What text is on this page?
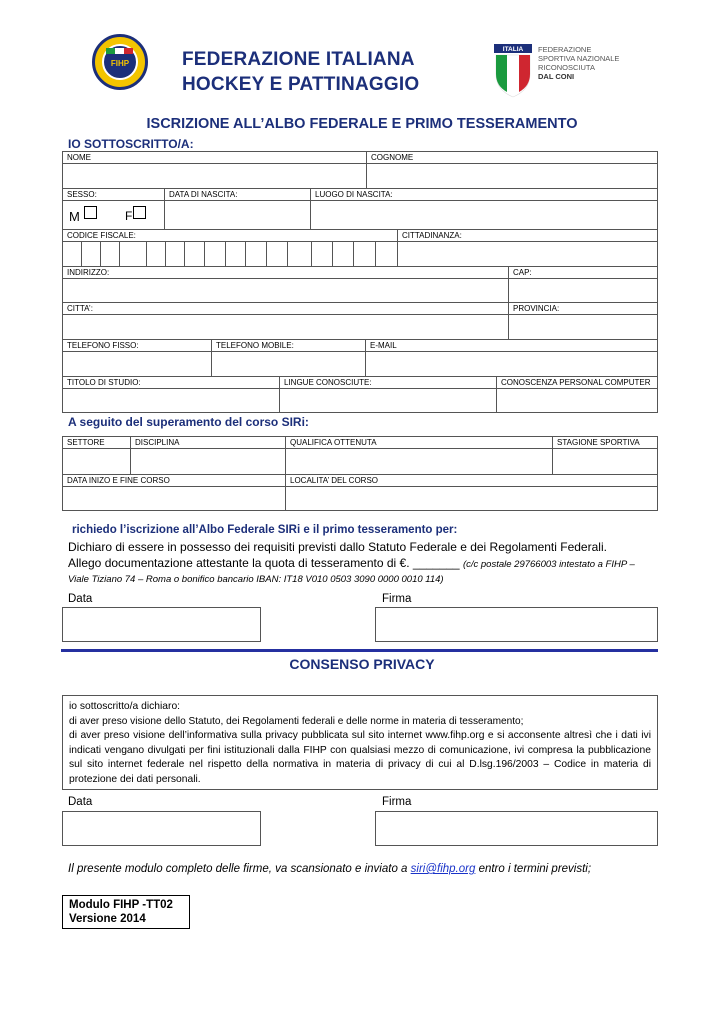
FIHP	FEDERAZIONE ITALIANA
HOCKEY E PATTINAGGIO
ITALIA	FEDERAZIONE
SPORTIVA NAZIONALE
RICONOSCIUTA
DAL CONI
ISCRIZIONE ALL’ALBO FEDERALE E PRIMO TESSERAMENTO
IO SOTTOSCRITTO/A:
NOME	COGNOME
SESSO:	DATA DI NASCITA:	LUOGO DI NASCITA:
M	F
CODICE FISCALE:	CITTADINANZA:
INDIRIZZO:	CAP:
CITTA’:	PROVINCIA:
TELEFONO FISSO:	TELEFONO MOBILE:	E-MAIL
TITOLO DI STUDIO:	LINGUE CONOSCIUTE:	CONOSCENZA PERSONAL COMPUTER
A seguito del superamento del corso SIRi:
SETTORE	DISCIPLINA	QUALIFICA OTTENUTA	STAGIONE SPORTIVA
DATA INIZO E FINE CORSO	LOCALITA’ DEL CORSO
richiedo l’iscrizione all’Albo Federale SIRi e il primo tesseramento per:
Dichiaro di essere in possesso dei requisiti previsti dallo Statuto Federale e dei Regolamenti Federali.
Allego documentazione attestante la quota di tesseramento di €. _______ (c/c postale 29766003 intestato a FIHP –
Viale Tiziano 74 – Roma o bonifico bancario IBAN: IT18 V010 0503 3090 0000 0010 114)
Data	Firma
CONSENSO PRIVACY

io sottoscritto/a dichiaro:

di aver preso visione dello Statuto, dei Regolamenti federali e delle norme in materia di tesseramento;

di aver preso visione dell’informativa sulla privacy pubblicata sul sito internet www.fihp.org e si acconsente altresì che i dati ivi indicati vengano divulgati per fini istituzionali dalla FIHP con qualsiasi mezzo di comunicazione, ivi compresa la pubblicazione sul sito internet federale nel rispetto della normativa in materia di privacy di cui al D.lsg.196/2003 – Codice in materia di protezione dei dati personali.

Data	Firma
Il presente modulo completo delle firme, va scansionato e inviato a siri@fihp.org entro i termini previsti;
Modulo FIHP -TT02
Versione 2014
